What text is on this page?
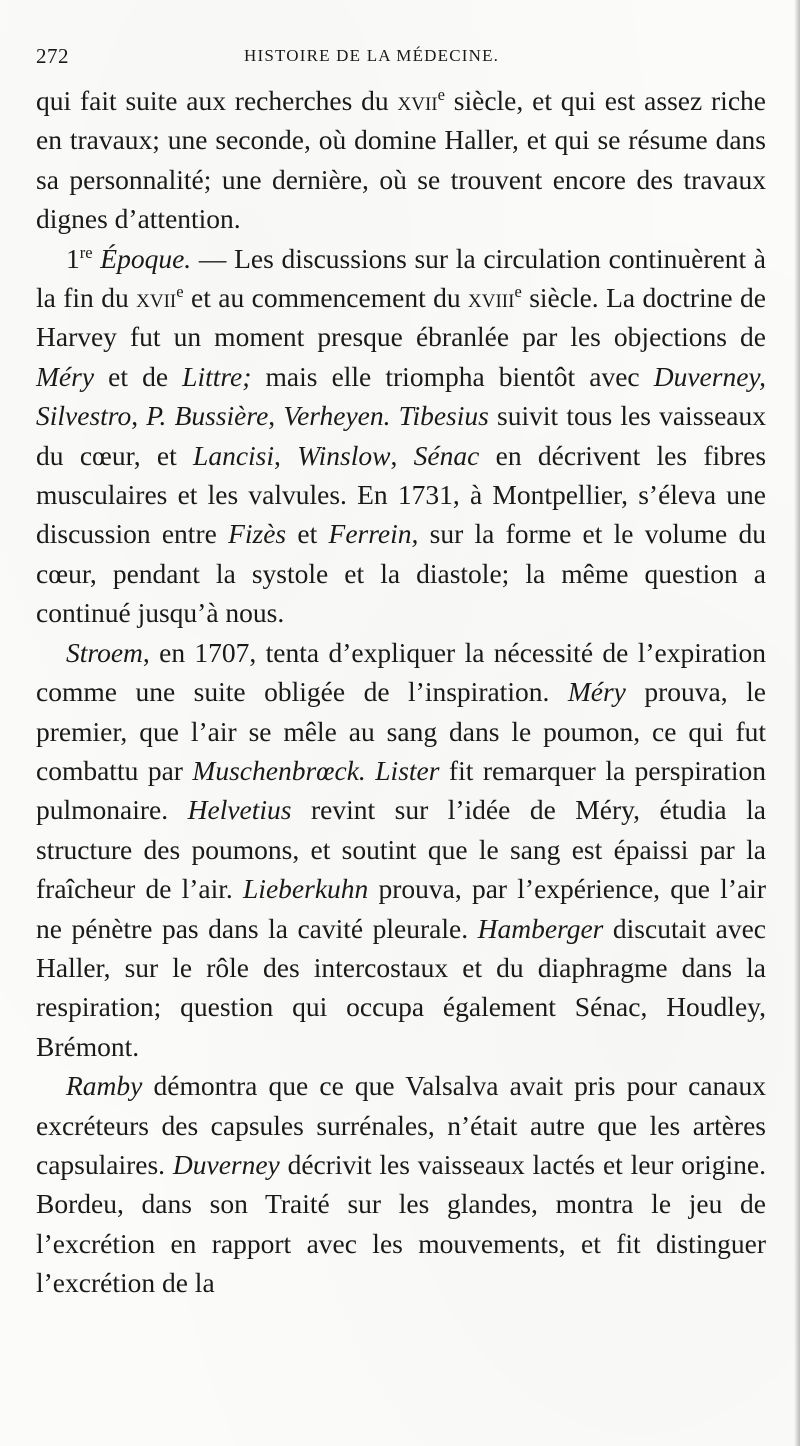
272	HISTOIRE DE LA MÉDECINE.

qui fait suite aux recherches du xvii$^e$ siècle, et qui est assez riche en travaux; une seconde, où domine Haller, et qui se résume dans sa personnalité; une dernière, où se trouvent encore des travaux dignes d’attention.

1re Époque. — Les discussions sur la circulation continuèrent à la fin du xvii$^e$ et au commencement du xviii$^e$ siècle. La doctrine de Harvey fut un moment presque ébranlée par les objections de Méry et de Littre; mais elle triompha bientôt avec Duverney, Silvestro, P. Bussière, Verheyen. Tibesius suivit tous les vaisseaux du cœur, et Lancisi, Winslow, Sénac en décrivent les fibres musculaires et les valvules. En 1731, à Montpellier, s’éleva une discussion entre Fizès et Ferrein, sur la forme et le volume du cœur, pendant la systole et la diastole; la même question a continué jusqu’à nous.

Stroem, en 1707, tenta d’expliquer la nécessité de l’expiration comme une suite obligée de l’inspiration. Méry prouva, le premier, que l’air se mêle au sang dans le poumon, ce qui fut combattu par Muschenbrœck. Lister fit remarquer la perspiration pulmonaire. Helvetius revint sur l’idée de Méry, étudia la structure des poumons, et soutint que le sang est épaissi par la fraîcheur de l’air. Lieberkuhn prouva, par l’expérience, que l’air ne pénètre pas dans la cavité pleurale. Hamberger discutait avec Haller, sur le rôle des intercostaux et du diaphragme dans la respiration; question qui occupa également Sénac, Houdley, Brémont.

Ramby démontra que ce que Valsalva avait pris pour canaux excréteurs des capsules surrénales, n’était autre que les artères capsulaires. Duverney décrivit les vaisseaux lactés et leur origine. Bordeu, dans son Traité sur les glandes, montra le jeu de l’excrétion en rapport avec les mouvements, et fit distinguer l’excrétion de la
